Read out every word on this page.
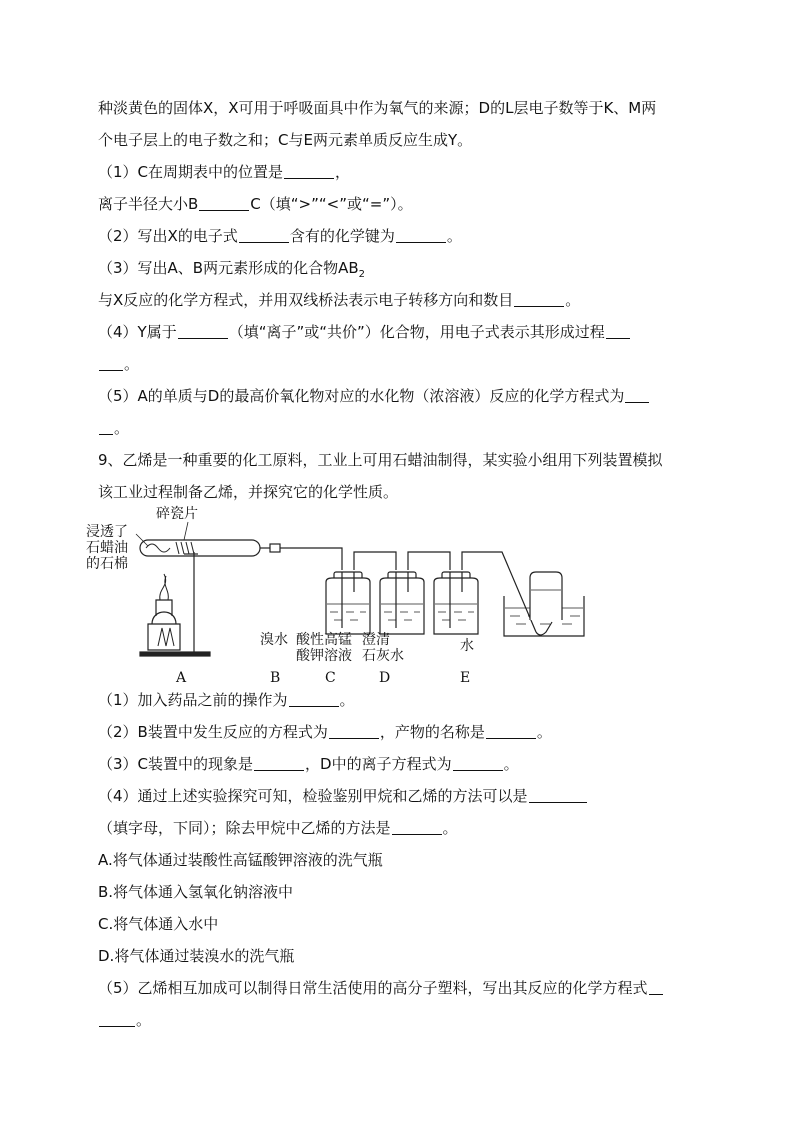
种淡黄色的固体X，X可用于呼吸面具中作为氧气的来源；D的L层电子数等于K、M两
个电子层上的电子数之和；C与E两元素单质反应生成Y。
（1）C在周期表中的位置是	，
离子半径大小B	C（填“>”“<”或“=”）。
（2）写出X的电子式	含有的化学键为	。
（3）写出A、B两元素形成的化合物$AB_2$
与X反应的化学方程式，并用双线桥法表示电子转移方向和数目	。
（4）Y属于	（填“离子”或“共价”）化合物，用电子式表示其形成过程
。
（5）A的单质与D的最高价氧化物对应的水化物（浓溶液）反应的化学方程式为
。
9、乙烯是一种重要的化工原料，工业上可用石蜡油制得，某实验小组用下列装置模拟
该工业过程制备乙烯，并探究它的化学性质。
浸透了
石蜡油
的石棉
碎瓷片
溴水 酸性高锰
酸钾溶液
澄清
石灰水
水
A	B	C	D	E
（1）加入药品之前的操作为	。
（2）B装置中发生反应的方程式为	，产物的名称是	。
（3）C装置中的现象是	，D中的离子方程式为	。
（4）通过上述实验探究可知，检验鉴别甲烷和乙烯的方法可以是
（填字母，下同）；除去甲烷中乙烯的方法是	。
A.将气体通过装酸性高锰酸钾溶液的洗气瓶
B.将气体通入氢氧化钠溶液中
C.将气体通入水中
D.将气体通过装溴水的洗气瓶
（5）乙烯相互加成可以制得日常生活使用的高分子塑料，写出其反应的化学方程式
。
